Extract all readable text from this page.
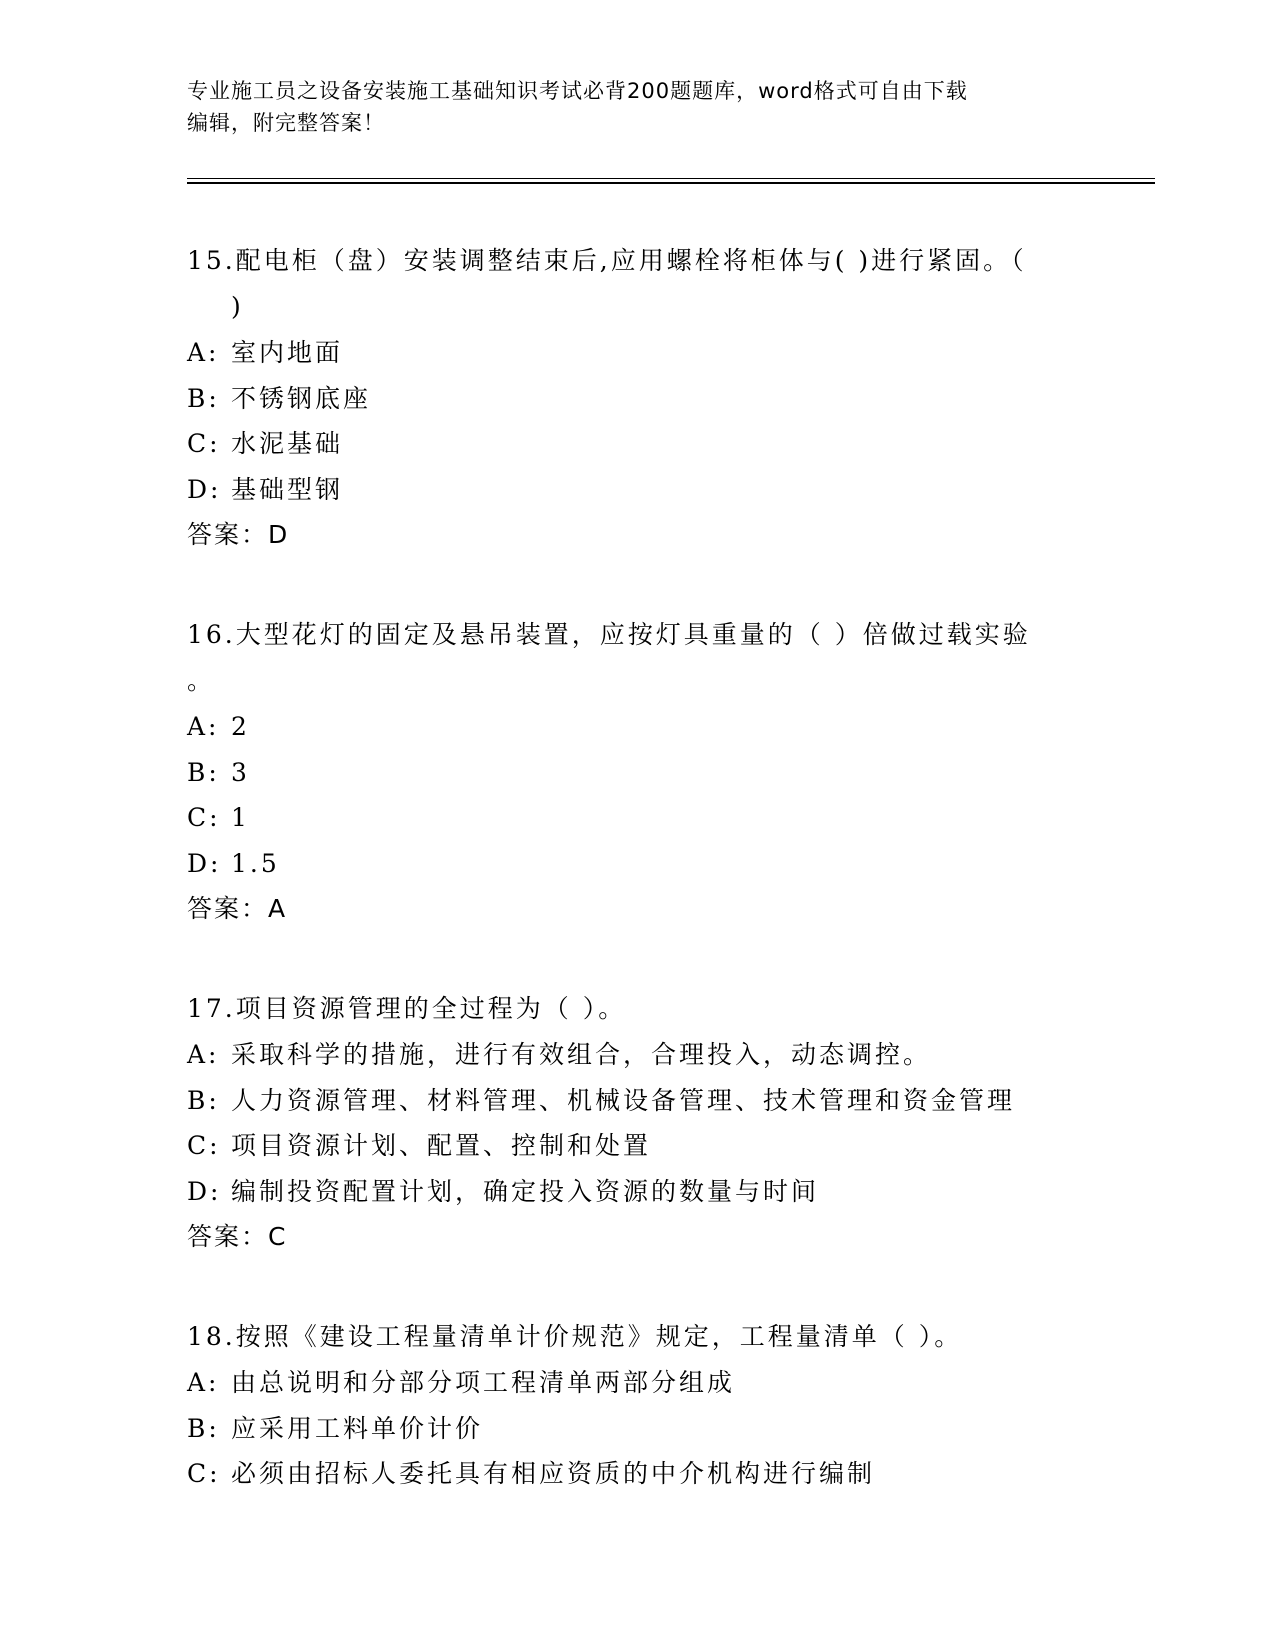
专业施工员之设备安装施工基础知识考试必背200题题库，word格式可自由下载
编辑，附完整答案！
15.配电柜（盘）安装调整结束后,应用螺栓将柜体与( )进行紧固。（
)
A: 室内地面
B: 不锈钢底座
C: 水泥基础
D: 基础型钢
答案：D
16.大型花灯的固定及悬吊装置，应按灯具重量的（ ）倍做过载实验
。
A: 2
B: 3
C: 1
D: 1.5
答案：A
17.项目资源管理的全过程为（ ）。
A: 采取科学的措施，进行有效组合，合理投入，动态调控。
B: 人力资源管理、材料管理、机械设备管理、技术管理和资金管理
C: 项目资源计划、配置、控制和处置
D: 编制投资配置计划，确定投入资源的数量与时间
答案：C
18.按照《建设工程量清单计价规范》规定，工程量清单（ ）。
A: 由总说明和分部分项工程清单两部分组成
B: 应采用工料单价计价
C: 必须由招标人委托具有相应资质的中介机构进行编制
